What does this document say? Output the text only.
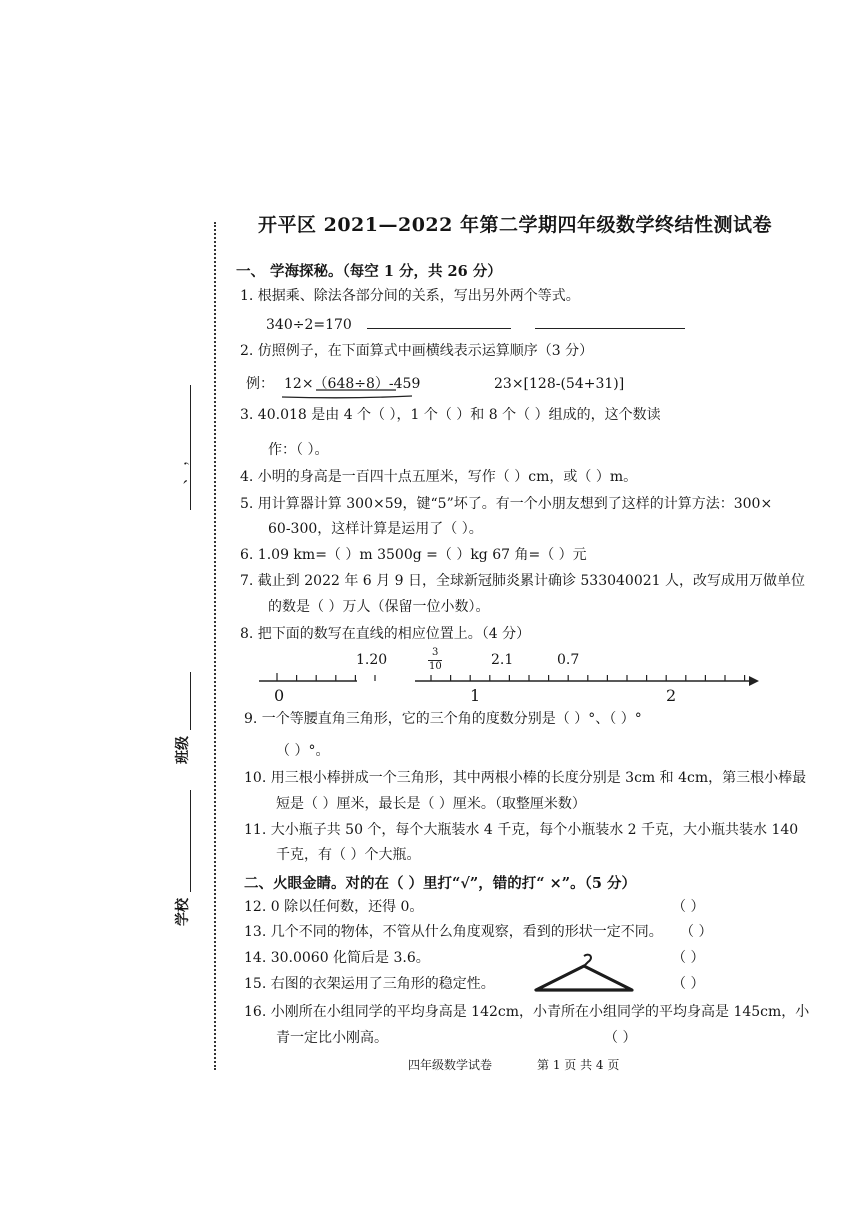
、 ，
班级
学校
开平区 2021—2022 年第二学期四年级数学终结性测试卷
一、 学海探秘。（每空 1 分，共 26 分）
1. 根据乘、除法各部分间的关系，写出另外两个等式。
340÷2=170
2. 仿照例子，在下面算式中画横线表示运算顺序（3 分）
例： 12×（648÷8）-459	23×[128-(54+31)]
3. 40.018 是由 4 个（ ），1 个（ ）和 8 个（ ）组成的，这个数读
作：（ ）。
4. 小明的身高是一百四十点五厘米，写作（ ）cm，或（ ）m。
5. 用计算器计算 300×59，键“5”坏了。有一个小朋友想到了这样的计算方法：300×
60-300，这样计算是运用了（ ）。
6. 1.09 km=（ ）m 3500g =（ ）kg 67 角=（ ）元
7. 截止到 2022 年 6 月 9 日，全球新冠肺炎累计确诊 533040021 人，改写成用万做单位
的数是（ ）万人（保留一位小数）。
8. 把下面的数写在直线的相应位置上。（4 分）
1.20	3
10	2.1	0.7
0	1	2
9. 一个等腰直角三角形，它的三个角的度数分别是（ ）°、（ ）°
（ ）°。
10. 用三根小棒拼成一个三角形，其中两根小棒的长度分别是 3cm 和 4cm，第三根小棒最
短是（ ）厘米，最长是（ ）厘米。（取整厘米数）
11. 大小瓶子共 50 个，每个大瓶装水 4 千克，每个小瓶装水 2 千克，大小瓶共装水 140
千克，有（ ）个大瓶。
二、火眼金睛。对的在（ ）里打“√”，错的打“ ×”。（5 分）
12. 0 除以任何数，还得 0。	（ ）
13. 几个不同的物体，不管从什么角度观察，看到的形状一定不同。 （ ）
14. 30.0060 化简后是 3.6。	（ ）
15. 右图的衣架运用了三角形的稳定性。	（ ）
16. 小刚所在小组同学的平均身高是 142cm，小青所在小组同学的平均身高是 145cm，小
青一定比小刚高。	（ ）
四年级数学试卷	第 1 页 共 4 页
